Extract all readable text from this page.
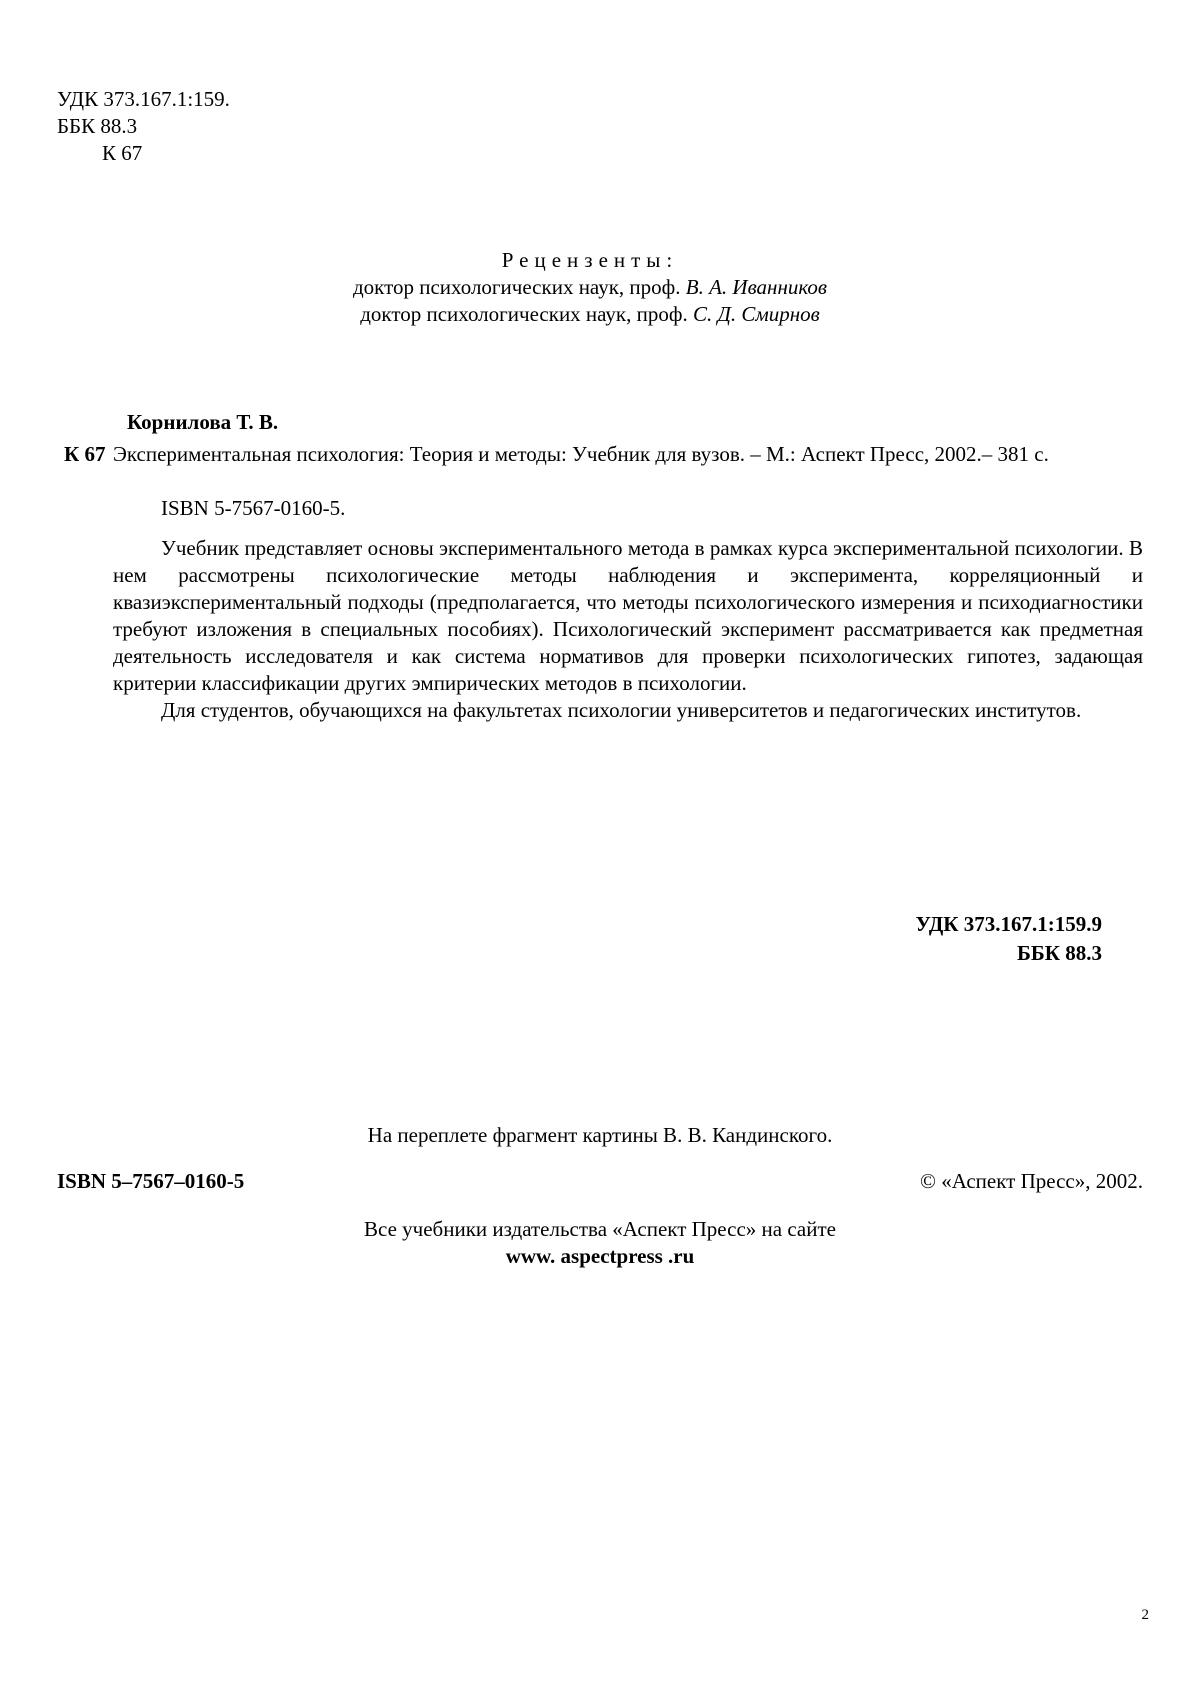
УДК 373.167.1:159.
ББК 88.3
К 67
Рецензенты:
доктор психологических наук, проф. В. А. Иванников
доктор психологических наук, проф. С. Д. Смирнов
Корнилова Т. В.
К 67 Экспериментальная психология: Теория и методы: Учебник для вузов. – М.: Аспект Пресс, 2002.– 381 с.
ISBN 5-7567-0160-5.

Учебник представляет основы экспериментального метода в рамках курса экспериментальной психологии. В нем рассмотрены психологические методы наблюдения и эксперимента, корреляционный и квазиэкспериментальный подходы (предполагается, что методы психологического измерения и психодиагностики требуют изложения в специальных пособиях). Психологический эксперимент рассматривается как предметная деятельность исследователя и как система нормативов для проверки психологических гипотез, задающая критерии классификации других эмпирических методов в психологии.

Для студентов, обучающихся на факультетах психологии университетов и педагогических институтов.

УДК 373.167.1:159.9
ББК 88.3
На переплете фрагмент картины В. В. Кандинского.
ISBN 5–7567–0160-5	© «Аспект Пресс», 2002.
Все учебники издательства «Аспект Пресс» на сайте
www. aspectpress .ru
2
